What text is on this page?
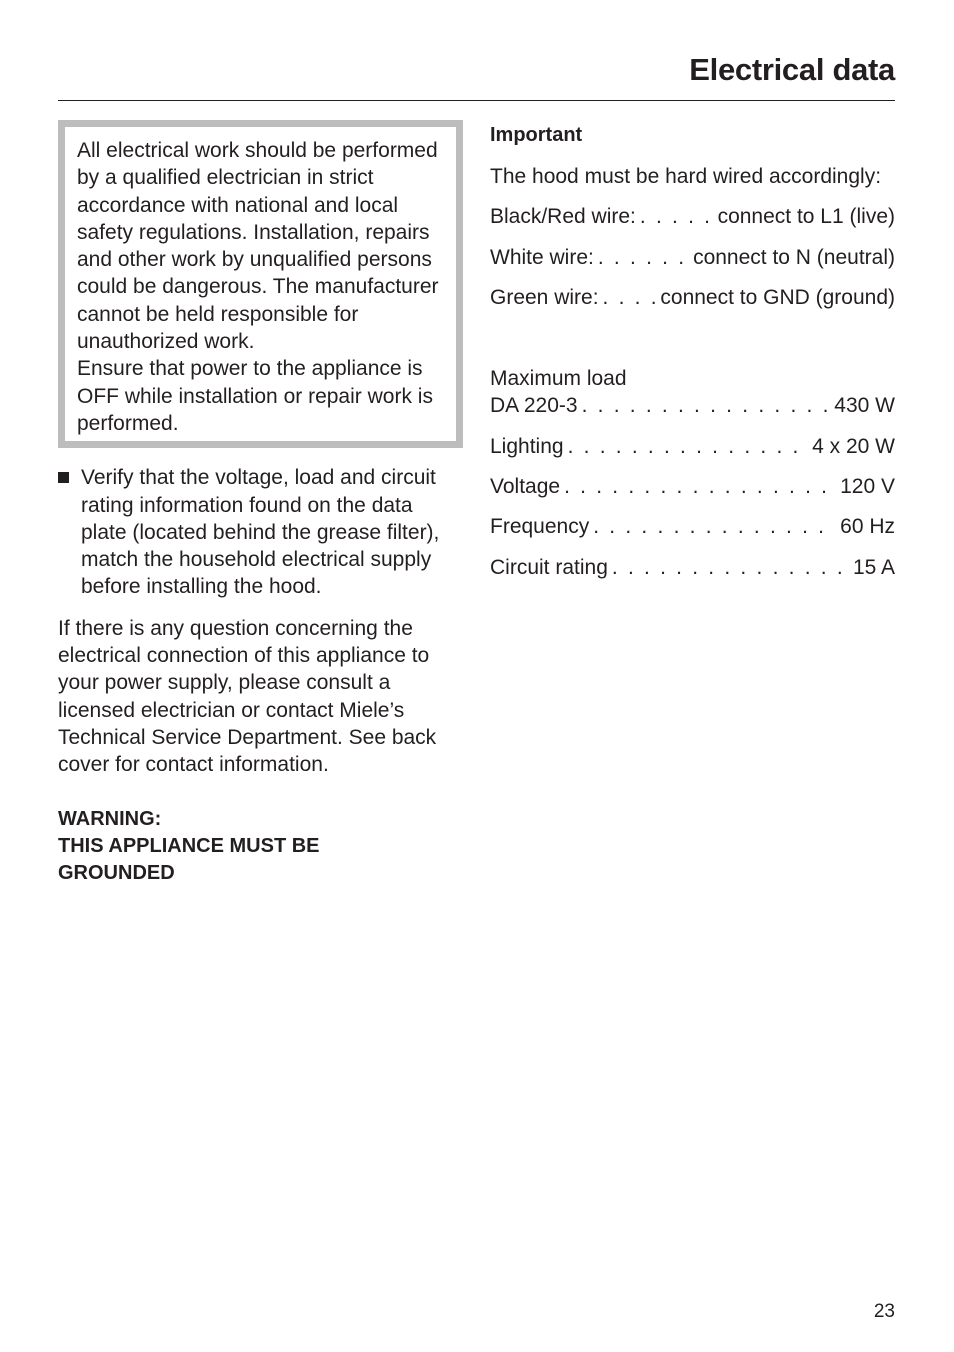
Electrical data

All electrical work should be performed by a qualified electrician in strict accordance with national and local safety regulations. Installation, repairs and other work by unqualified persons could be dangerous. The manufacturer cannot be held responsible for unauthorized work.

Ensure that power to the appliance is OFF while installation or repair work is performed.

Verify that the voltage, load and circuit rating information found on the data plate (located behind the grease filter), match the household electrical supply before installing the hood.

If there is any question concerning the electrical connection of this appliance to your power supply, please consult a licensed electrician or contact Miele’s Technical Service Department. See back cover for contact information.

WARNING:
THIS APPLIANCE MUST BE
GROUNDED
Important

The hood must be hard wired accordingly:

Black/Red wire: . . .	connect to L1 (live)
White wire: . . .	connect to N (neutral)
Green wire: . . .	connect to GND (ground)
Maximum load
DA 220-3 . . .	430 W
Lighting . . .	4 x 20 W
Voltage . . .	120 V
Frequency . . .	60 Hz
Circuit rating . . .	15 A
23
